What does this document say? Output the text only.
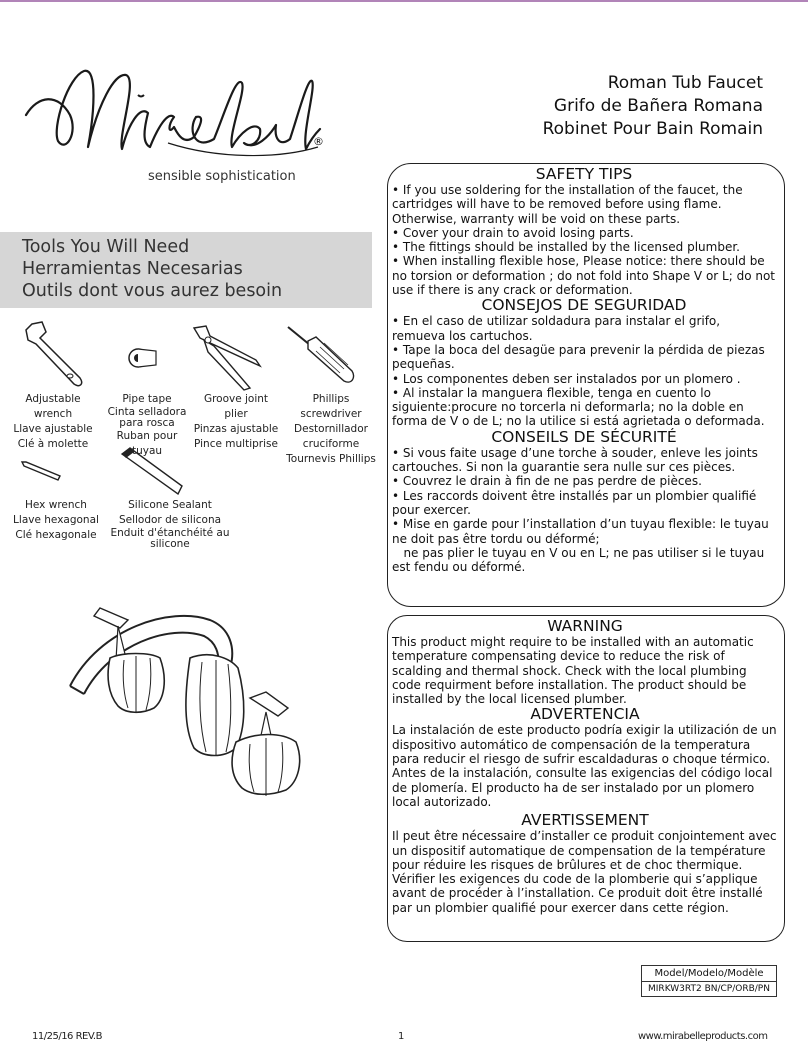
®
sensible sophistication
Roman Tub Faucet
Grifo de Bañera Romana
Robinet Pour Bain Romain
Tools You Will Need
Herramientas Necesarias
Outils dont vous aurez besoin
Adjustable wrench
Llave ajustable
Clé à molette
Pipe tape
Cinta selladora para rosca
Ruban pour tuyau
Groove joint plier
Pinzas ajustable
Pince multiprise
Phillips screwdriver
Destornillador
cruciforme
Tournevis Phillips
Hex wrench
Llave hexagonal
Clé hexagonale
Silicone Sealant
Sellodor de silicona
Enduit d'étanchéité au silicone
SAFETY TIPS
• If you use soldering for the installation of the faucet, the cartridges will have to be removed before using flame. Otherwise, warranty will be void on these parts.
• Cover your drain to avoid losing parts.
• The fittings should be installed by the licensed plumber.
• When installing flexible hose, Please notice: there should be no torsion or deformation ; do not fold into Shape V or L; do not use if there is any crack or deformation.
CONSEJOS DE SEGURIDAD
• En el caso de utilizar soldadura para instalar el grifo, remueva los cartuchos.
• Tape la boca del desagüe para prevenir la pérdida de piezas pequeñas.
• Los componentes deben ser instalados por un plomero .
• Al instalar la manguera flexible, tenga en cuento lo siguiente:procure no torcerla ni deformarla; no la doble en forma de V o de L; no la utilice si está agrietada o deformada.
CONSEILS DE SÉCURITÉ
• Si vous faite usage d’une torche à souder, enleve les joints cartouches. Si non la guarantie sera nulle sur ces pièces.
• Couvrez le drain à fin de ne pas perdre de pièces.
• Les raccords doivent être installés par un plombier qualifié pour exercer.
• Mise en garde pour l’installation d’un tuyau flexible: le tuyau ne doit pas être tordu ou déformé;
ne pas plier le tuyau en V ou en L; ne pas utiliser si le tuyau est fendu ou déformé.
WARNING
This product might require to be installed with an automatic temperature compensating device to reduce the risk of scalding and thermal shock. Check with the local plumbing code requirment before installation. The product should be installed by the local licensed plumber.
ADVERTENCIA
La instalación de este producto podría exigir la utilización de un dispositivo automático de compensación de la temperatura para reducir el riesgo de sufrir escaldaduras o choque térmico. Antes de la instalación, consulte las exigencias del código local de plomería. El producto ha de ser instalado por un plomero local autorizado.
AVERTISSEMENT
Il peut être nécessaire d’installer ce produit conjointement avec un dispositif automatique de compensation de la température pour réduire les risques de brûlures et de choc thermique. Vérifier les exigences du code de la plomberie qui s’applique avant de procéder à l’installation. Ce produit doit être installé par un plombier qualifié pour exercer dans cette région.
Model/Modelo/Modèle
MIRKW3RT2 BN/CP/ORB/PN
11/25/16 REV.B	1	www.mirabelleproducts.com
